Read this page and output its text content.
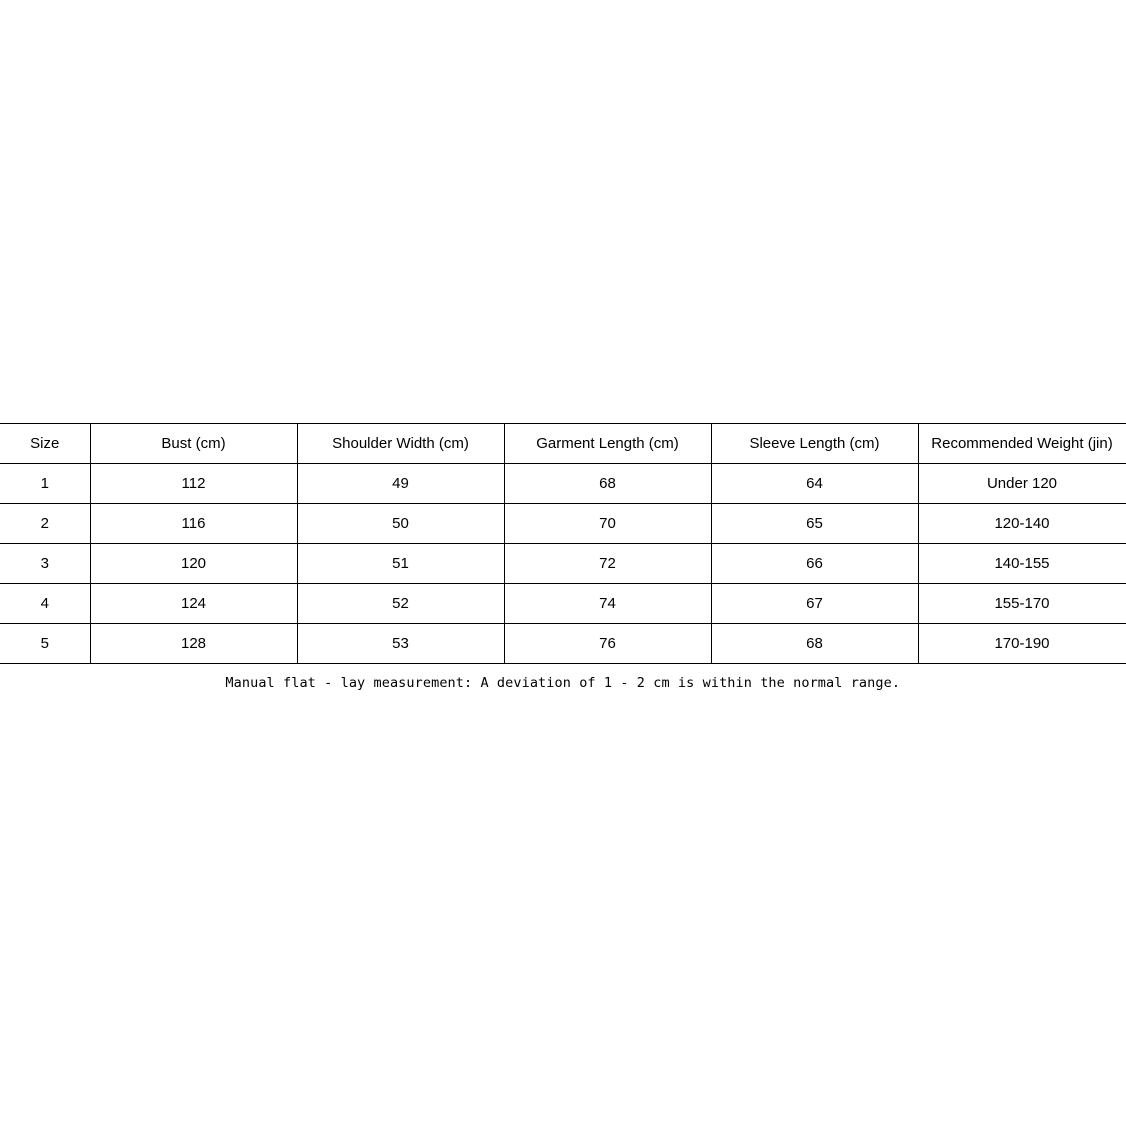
Size	Bust (cm)	Shoulder Width (cm)	Garment Length (cm)	Sleeve Length (cm)	Recommended Weight (jin)
1	112	49	68	64	Under 120
2	116	50	70	65	120-140
3	120	51	72	66	140-155
4	124	52	74	67	155-170
5	128	53	76	68	170-190
Manual flat - lay measurement: A deviation of 1 - 2 cm is within the normal range.					
